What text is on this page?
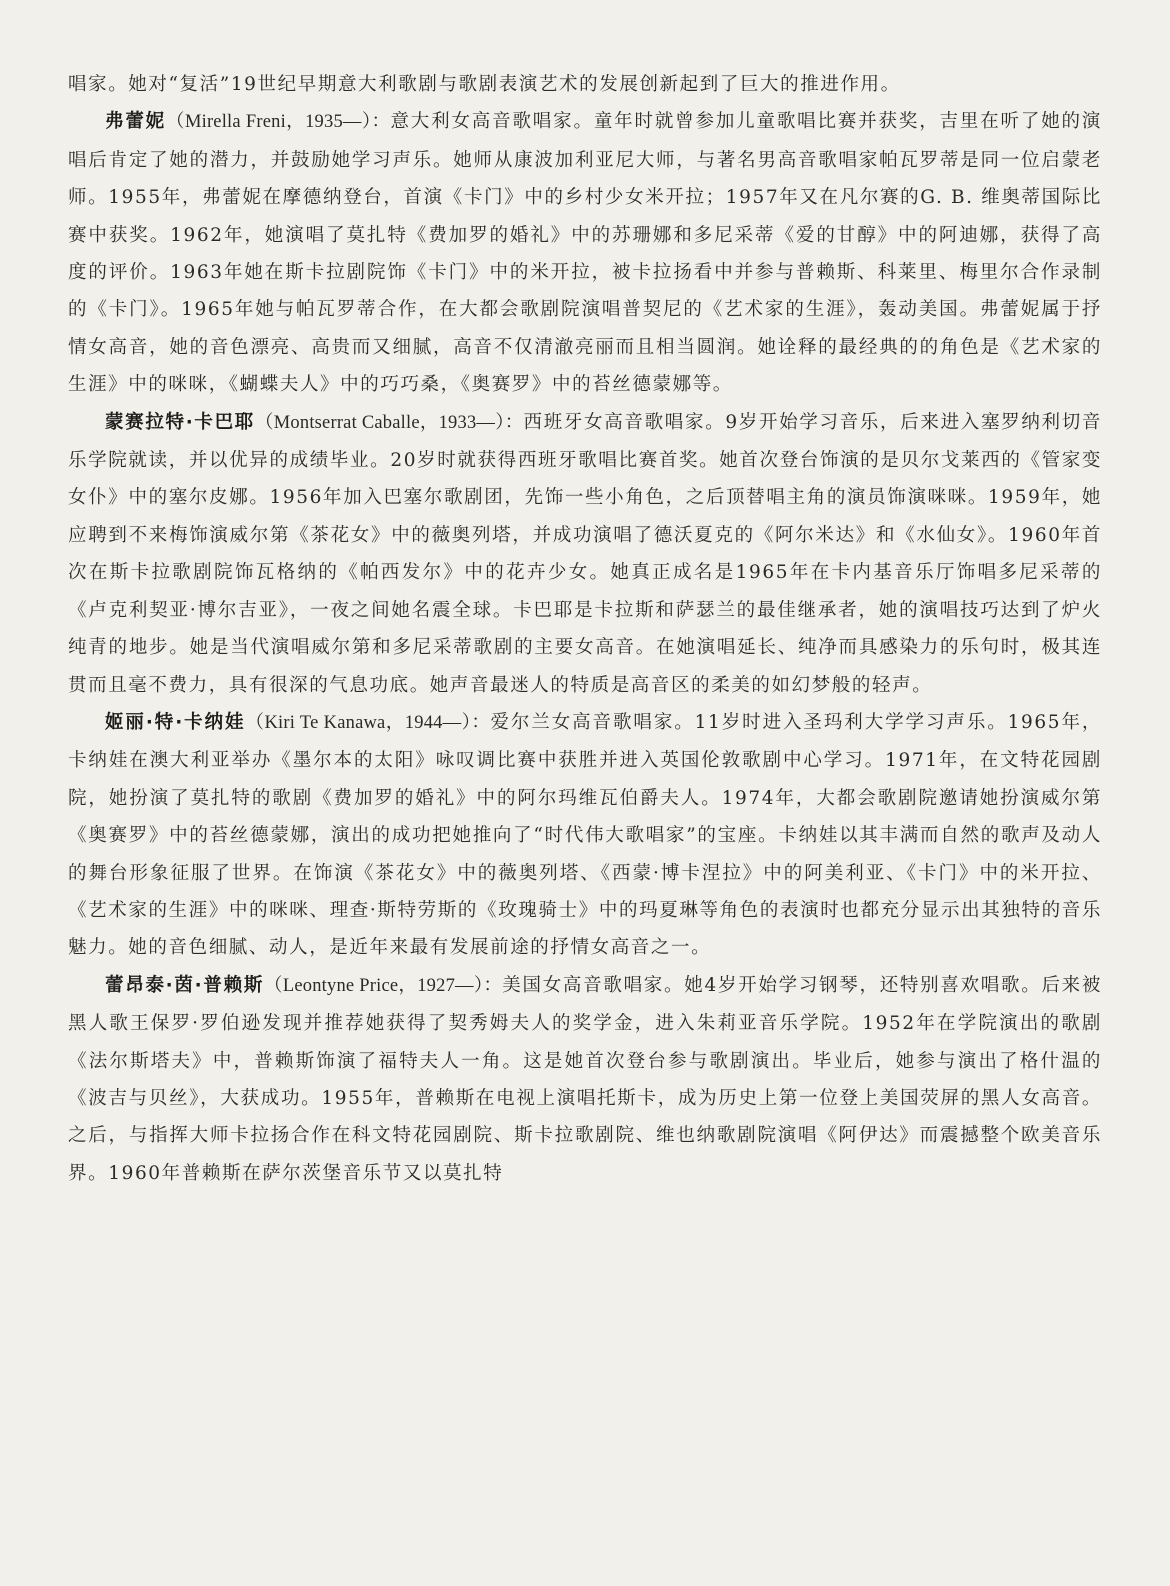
唱家。她对“复活”19世纪早期意大利歌剧与歌剧表演艺术的发展创新起到了巨大的推进作用。

弗蕾妮（Mirella Freni，1935—）：意大利女高音歌唱家。童年时就曾参加儿童歌唱比赛并获奖，吉里在听了她的演唱后肯定了她的潜力，并鼓励她学习声乐。她师从康波加利亚尼大师，与著名男高音歌唱家帕瓦罗蒂是同一位启蒙老师。1955年，弗蕾妮在摩德纳登台，首演《卡门》中的乡村少女米开拉；1957年又在凡尔赛的G. B. 维奥蒂国际比赛中获奖。1962年，她演唱了莫扎特《费加罗的婚礼》中的苏珊娜和多尼采蒂《爱的甘醇》中的阿迪娜，获得了高度的评价。1963年她在斯卡拉剧院饰《卡门》中的米开拉，被卡拉扬看中并参与普赖斯、科莱里、梅里尔合作录制的《卡门》。1965年她与帕瓦罗蒂合作，在大都会歌剧院演唱普契尼的《艺术家的生涯》，轰动美国。弗蕾妮属于抒情女高音，她的音色漂亮、高贵而又细腻，高音不仅清澈亮丽而且相当圆润。她诠释的最经典的的角色是《艺术家的生涯》中的咪咪，《蝴蝶夫人》中的巧巧桑，《奥赛罗》中的苔丝德蒙娜等。

蒙赛拉特·卡巴耶（Montserrat Caballe，1933—）：西班牙女高音歌唱家。9岁开始学习音乐，后来进入塞罗纳利切音乐学院就读，并以优异的成绩毕业。20岁时就获得西班牙歌唱比赛首奖。她首次登台饰演的是贝尔戈莱西的《管家变女仆》中的塞尔皮娜。1956年加入巴塞尔歌剧团，先饰一些小角色，之后顶替唱主角的演员饰演咪咪。1959年，她应聘到不来梅饰演威尔第《茶花女》中的薇奥列塔，并成功演唱了德沃夏克的《阿尔米达》和《水仙女》。1960年首次在斯卡拉歌剧院饰瓦格纳的《帕西发尔》中的花卉少女。她真正成名是1965年在卡内基音乐厅饰唱多尼采蒂的《卢克利契亚·博尔吉亚》，一夜之间她名震全球。卡巴耶是卡拉斯和萨瑟兰的最佳继承者，她的演唱技巧达到了炉火纯青的地步。她是当代演唱威尔第和多尼采蒂歌剧的主要女高音。在她演唱延长、纯净而具感染力的乐句时，极其连贯而且毫不费力，具有很深的气息功底。她声音最迷人的特质是高音区的柔美的如幻梦般的轻声。

姬丽·特·卡纳娃（Kiri Te Kanawa，1944—）：爱尔兰女高音歌唱家。11岁时进入圣玛利大学学习声乐。1965年，卡纳娃在澳大利亚举办《墨尔本的太阳》咏叹调比赛中获胜并进入英国伦敦歌剧中心学习。1971年，在文特花园剧院，她扮演了莫扎特的歌剧《费加罗的婚礼》中的阿尔玛维瓦伯爵夫人。1974年，大都会歌剧院邀请她扮演威尔第《奥赛罗》中的苔丝德蒙娜，演出的成功把她推向了“时代伟大歌唱家”的宝座。卡纳娃以其丰满而自然的歌声及动人的舞台形象征服了世界。在饰演《茶花女》中的薇奥列塔、《西蒙·博卡涅拉》中的阿美利亚、《卡门》中的米开拉、《艺术家的生涯》中的咪咪、理查·斯特劳斯的《玫瑰骑士》中的玛夏琳等角色的表演时也都充分显示出其独特的音乐魅力。她的音色细腻、动人，是近年来最有发展前途的抒情女高音之一。

蕾昂泰·茵·普赖斯（Leontyne Price，1927—）：美国女高音歌唱家。她4岁开始学习钢琴，还特别喜欢唱歌。后来被黑人歌王保罗·罗伯逊发现并推荐她获得了契秀姆夫人的奖学金，进入朱莉亚音乐学院。1952年在学院演出的歌剧《法尔斯塔夫》中，普赖斯饰演了福特夫人一角。这是她首次登台参与歌剧演出。毕业后，她参与演出了格什温的《波吉与贝丝》，大获成功。1955年，普赖斯在电视上演唱托斯卡，成为历史上第一位登上美国荧屏的黑人女高音。之后，与指挥大师卡拉扬合作在科文特花园剧院、斯卡拉歌剧院、维也纳歌剧院演唱《阿伊达》而震撼整个欧美音乐界。1960年普赖斯在萨尔茨堡音乐节又以莫扎特
